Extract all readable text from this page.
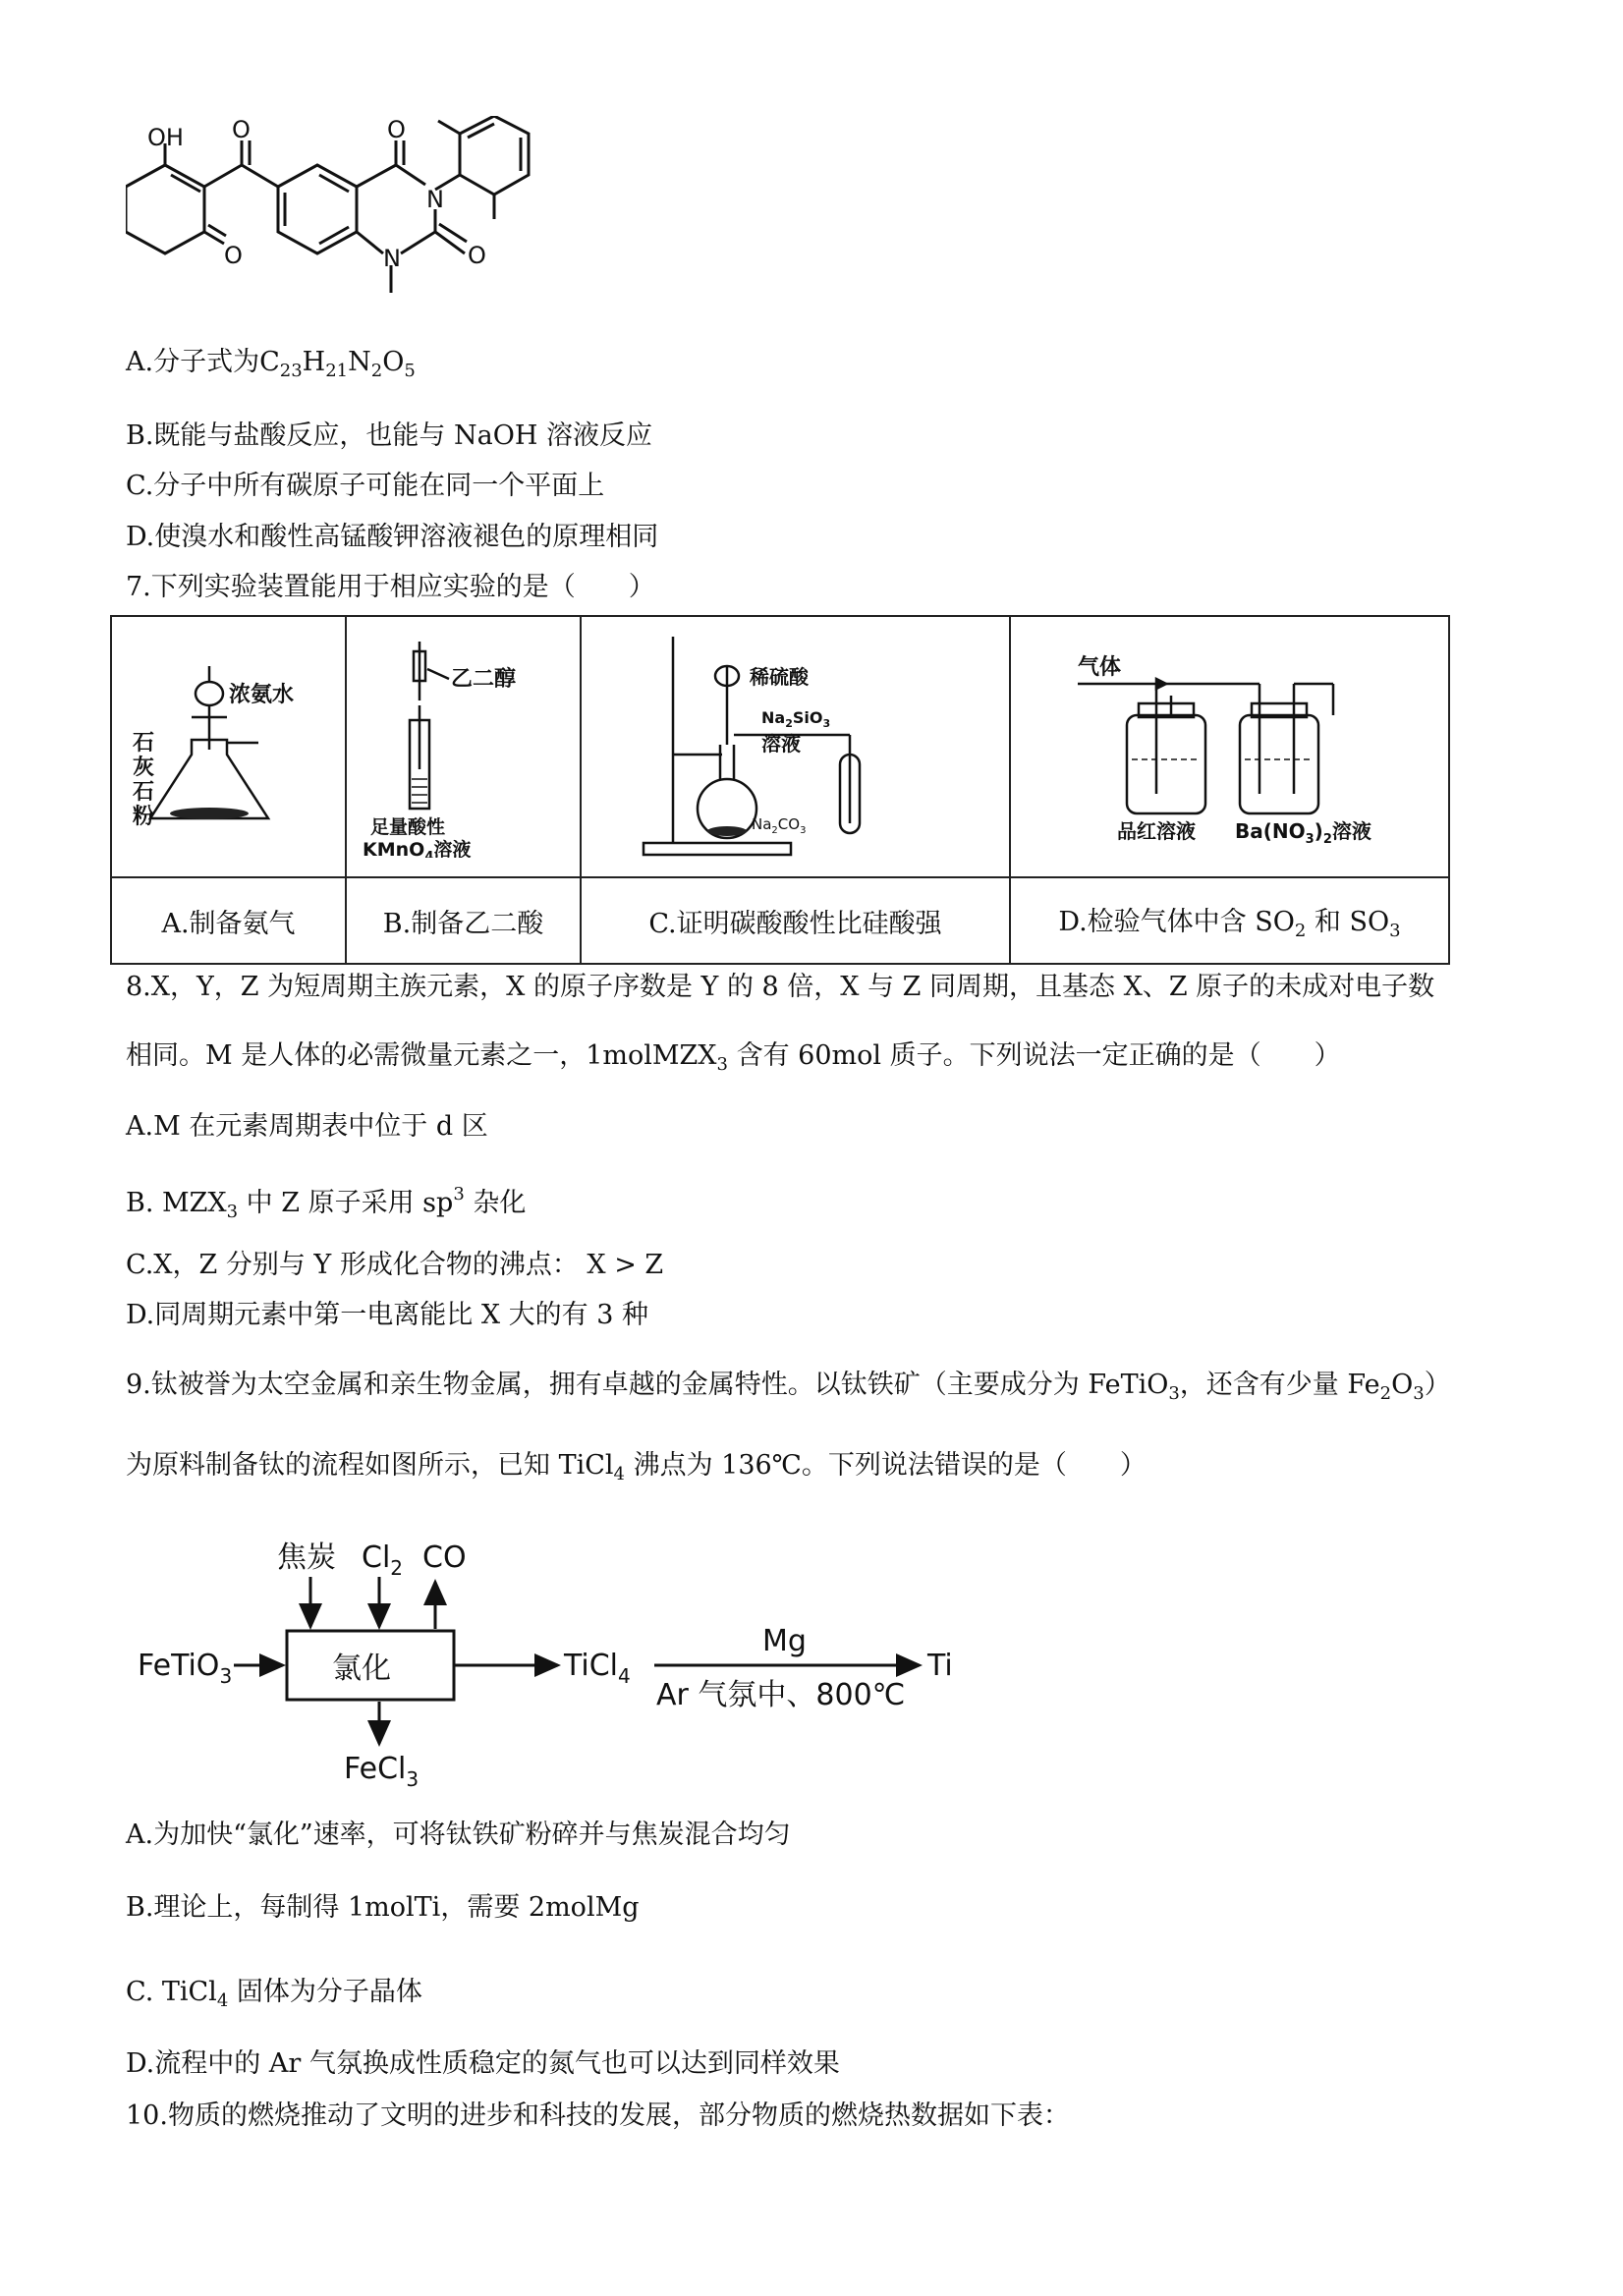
OH O
O
O
O
N
N
A.分子式为$C_{23}H_{21}N_2O_5$
B.既能与盐酸反应，也能与 NaOH 溶液反应
C.分子中所有碳原子可能在同一个平面上
D.使溴水和酸性高锰酸钾溶液褪色的原理相同
7.下列实验装置能用于相应实验的是（　　）
浓氨水
石
灰
石
粉	乙二醇
足量酸性
KMnO$_4$溶液	稀硫酸
$Na_2SiO_3$
溶液
$Na_2CO_3$	气体
品红溶液 $Ba(NO_3)_2$溶液

A.制备氨气	B.制备乙二酸	C.证明碳酸酸性比硅酸强	D.检验气体中含 $SO_2$ 和 $SO_3$
8.X，Y，Z 为短周期主族元素，X 的原子序数是 Y 的 8 倍，X 与 Z 同周期，且基态 X、Z 原子的未成对电子数
相同。M 是人体的必需微量元素之一，1molMZX$_3$ 含有 60mol 质子。下列说法一定正确的是（　　）
A.M 在元素周期表中位于 d 区
B. $MZX_3$ 中 Z 原子采用 $sp^3$ 杂化
C.X，Z 分别与 Y 形成化合物的沸点： X > Z
D.同周期元素中第一电离能比 X 大的有 3 种
9.钛被誉为太空金属和亲生物金属，拥有卓越的金属特性。以钛铁矿（主要成分为 FeTiO$_3$，还含有少量 $Fe_2O_3$）
为原料制备钛的流程如图所示，已知 TiCl$_4$ 沸点为 136℃。下列说法错误的是（　　）
焦炭 $Cl_2$ CO
FeTiO$_3$	氯化	TiCl$_4$
FeCl$_3$
Mg
Ar 气氛中、800℃
Ti
A.为加快“氯化”速率，可将钛铁矿粉碎并与焦炭混合均匀
B.理论上，每制得 1molTi，需要 2molMg
C. TiCl$_4$ 固体为分子晶体
D.流程中的 Ar 气氛换成性质稳定的氮气也可以达到同样效果
10.物质的燃烧推动了文明的进步和科技的发展，部分物质的燃烧热数据如下表：
